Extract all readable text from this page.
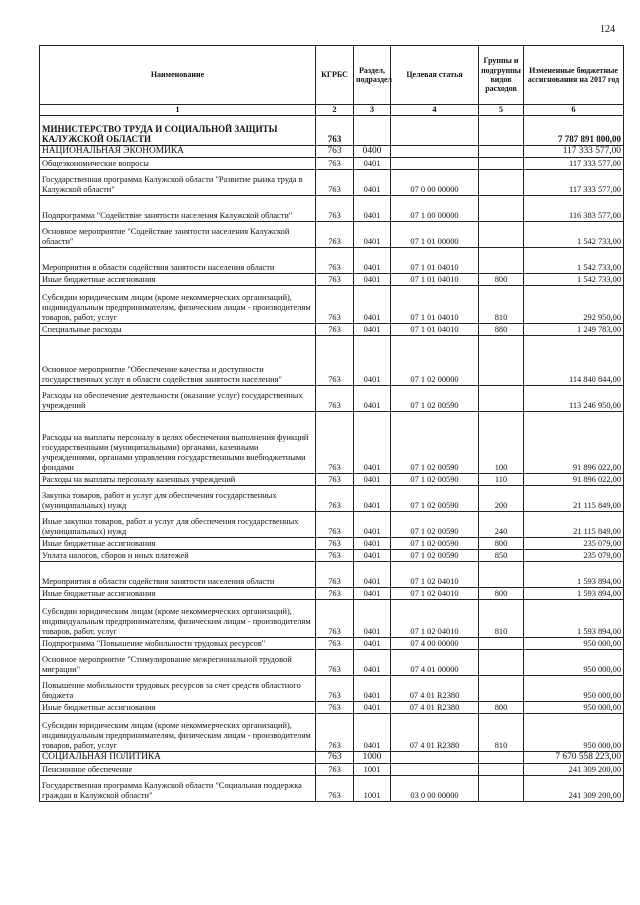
124
Наименование	КГРБС	Раздел, подраздел	Целевая статья	Группы и подгруппы видов расходов	Измененные бюджетные ассигнования на 2017 год
1	2	3	4	5	6
МИНИСТЕРСТВО ТРУДА И СОЦИАЛЬНОЙ ЗАЩИТЫ КАЛУЖСКОЙ ОБЛАСТИ	763				7 787 891 800,00
НАЦИОНАЛЬНАЯ ЭКОНОМИКА	763	0400			117 333 577,00
Общеэкономические вопросы	763	0401			117 333 577,00
Государственная программа Калужской области "Развитие рынка труда в Калужской области"	763	0401	07 0 00 00000		117 333 577,00
Подпрограмма "Содействие занятости населения Калужской области"	763	0401	07 1 00 00000		116 383 577,00
Основное мероприятие "Содействие занятости населения Калужской области"	763	0401	07 1 01 00000		1 542 733,00
Мероприятия в области содействия занятости населения области	763	0401	07 1 01 04010		1 542 733,00
Иные бюджетные ассигнования	763	0401	07 1 01 04010	800	1 542 733,00
Субсидии юридическим лицам (кроме некоммерческих организаций), индивидуальным предпринимателям, физическим лицам - производителям товаров, работ, услуг	763	0401	07 1 01 04010	810	292 950,00
Специальные расходы	763	0401	07 1 01 04010	880	1 249 783,00
Основное мероприятие "Обеспечение качества и доступности государственных услуг в области содействия занятости населения"	763	0401	07 1 02 00000		114 840 844,00
Расходы на обеспечение деятельности (оказание услуг) государственных учреждений	763	0401	07 1 02 00590		113 246 950,00
Расходы на выплаты персоналу в целях обеспечения выполнения функций государственными (муниципальными) органами, казенными учреждениями, органами управления государственными внебюджетными фондами	763	0401	07 1 02 00590	100	91 896 022,00
Расходы на выплаты персоналу казенных учреждений	763	0401	07 1 02 00590	110	91 896 022,00
Закупка товаров, работ и услуг для обеспечения государственных (муниципальных) нужд	763	0401	07 1 02 00590	200	21 115 849,00
Иные закупки товаров, работ и услуг для обеспечения государственных (муниципальных) нужд	763	0401	07 1 02 00590	240	21 115 849,00
Иные бюджетные ассигнования	763	0401	07 1 02 00590	800	235 079,00
Уплата налогов, сборов и иных платежей	763	0401	07 1 02 00590	850	235 079,00
Мероприятия в области содействия занятости населения области	763	0401	07 1 02 04010		1 593 894,00
Иные бюджетные ассигнования	763	0401	07 1 02 04010	800	1 593 894,00
Субсидии юридическим лицам (кроме некоммерческих организаций), индивидуальным предпринимателям, физическим лицам - производителям товаров, работ, услуг	763	0401	07 1 02 04010	810	1 593 894,00
Подпрограмма "Повышение мобильности трудовых ресурсов"	763	0401	07 4 00 00000		950 000,00
Основное мероприятие "Стимулирование межрегиональной трудовой миграции"	763	0401	07 4 01 00000		950 000,00
Повышение мобильности трудовых ресурсов за счет средств областного бюджета	763	0401	07 4 01 R2380		950 000,00
Иные бюджетные ассигнования	763	0401	07 4 01 R2380	800	950 000,00
Субсидии юридическим лицам (кроме некоммерческих организаций), индивидуальным предпринимателям, физическим лицам - производителям товаров, работ, услуг	763	0401	07 4 01 R2380	810	950 000,00
СОЦИАЛЬНАЯ ПОЛИТИКА	763	1000			7 670 558 223,00
Пенсионное обеспечение	763	1001			241 309 200,00
Государственная программа Калужской области "Социальная поддержка граждан в Калужской области"	763	1001	03 0 00 00000		241 309 200,00
